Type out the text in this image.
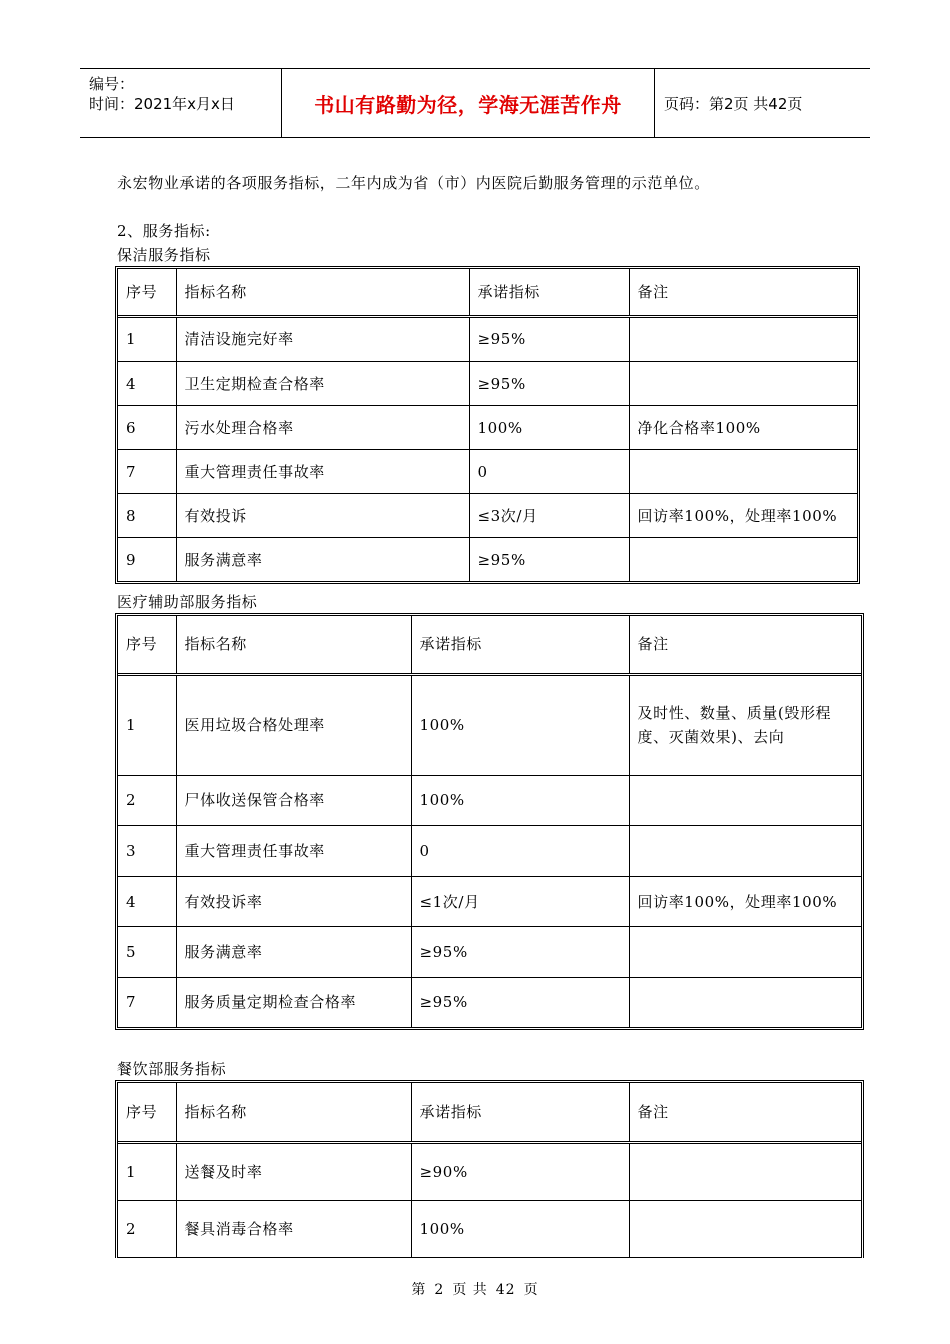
编号：
时间：2021年x月x日	书山有路勤为径，学海无涯苦作舟	页码：第2页 共42页
永宏物业承诺的各项服务指标，二年内成为省（市）内医院后勤服务管理的示范单位。
2、服务指标:
保洁服务指标
序号	指标名称	承诺指标	备注
1	清洁设施完好率	≥95%	
4	卫生定期检查合格率	≥95%	
6	污水处理合格率	100%	净化合格率100%
7	重大管理责任事故率	0	
8	有效投诉	≤3次/月	回访率100%，处理率100%
9	服务满意率	≥95%	
医疗辅助部服务指标
序号	指标名称	承诺指标	备注
1	医用垃圾合格处理率	100%	及时性、数量、质量(毁形程度、灭菌效果)、去向
2	尸体收送保管合格率	100%	
3	重大管理责任事故率	0	
4	有效投诉率	≤1次/月	回访率100%，处理率100%
5	服务满意率	≥95%	
7	服务质量定期检查合格率	≥95%	
餐饮部服务指标
序号	指标名称	承诺指标	备注
1	送餐及时率	≥90%	
2	餐具消毒合格率	100%	
第 2 页 共 42 页
